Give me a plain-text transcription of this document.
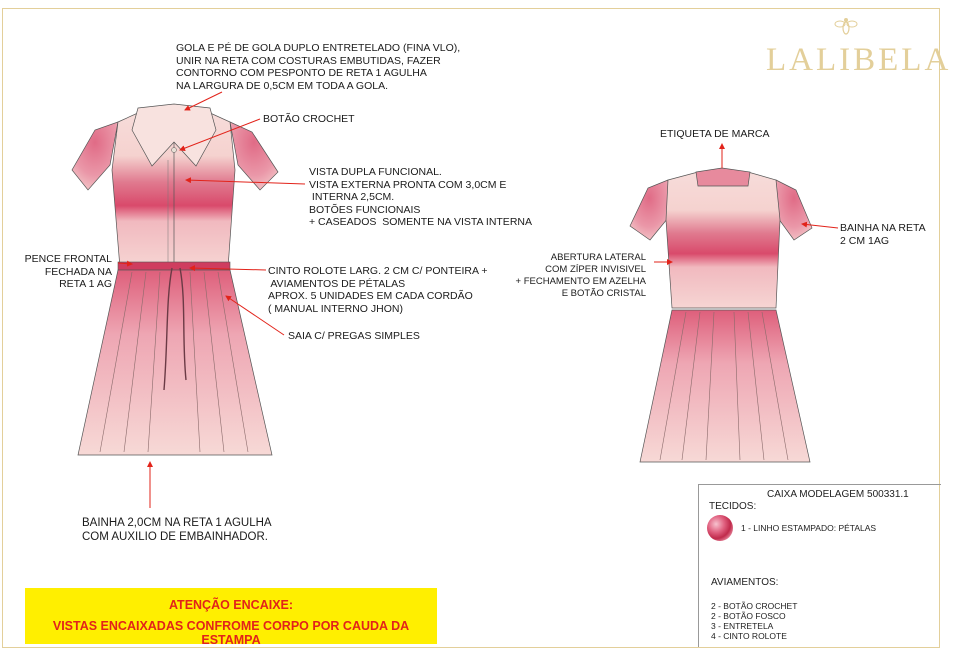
LALIBELA
GOLA E PÉ DE GOLA DUPLO ENTRETELADO (FINA VLO),
UNIR NA RETA COM COSTURAS EMBUTIDAS, FAZER
CONTORNO COM PESPONTO DE RETA 1 AGULHA
NA LARGURA DE 0,5CM EM TODA A GOLA.
BOTÃO CROCHET
VISTA DUPLA FUNCIONAL.
VISTA EXTERNA PRONTA COM 3,0CM E
INTERNA 2,5CM.
BOTÕES FUNCIONAIS
+ CASEADOS  SOMENTE NA VISTA INTERNA
PENCE FRONTAL
FECHADA NA
RETA 1 AG
CINTO ROLOTE LARG. 2 CM C/ PONTEIRA +
AVIAMENTOS DE PÉTALAS
APROX. 5 UNIDADES EM CADA CORDÃO
( MANUAL INTERNO JHON)
SAIA C/ PREGAS SIMPLES
BAINHA 2,0CM NA RETA 1 AGULHA
COM AUXILIO DE EMBAINHADOR.
ETIQUETA DE MARCA
BAINHA NA RETA
2 CM 1AG
ABERTURA LATERAL
COM ZÍPER INVISIVEL
+ FECHAMENTO EM AZELHA
E BOTÃO CRISTAL
ATENÇÃO ENCAIXE:
VISTAS ENCAIXADAS CONFROME CORPO POR CAUDA DA ESTAMPA
CAIXA MODELAGEM 500331.1
TECIDOS:
1 - LINHO ESTAMPADO: PÉTALAS
AVIAMENTOS:
2 - BOTÃO CROCHET
2 - BOTÃO FOSCO
3 - ENTRETELA
4 - CINTO ROLOTE
